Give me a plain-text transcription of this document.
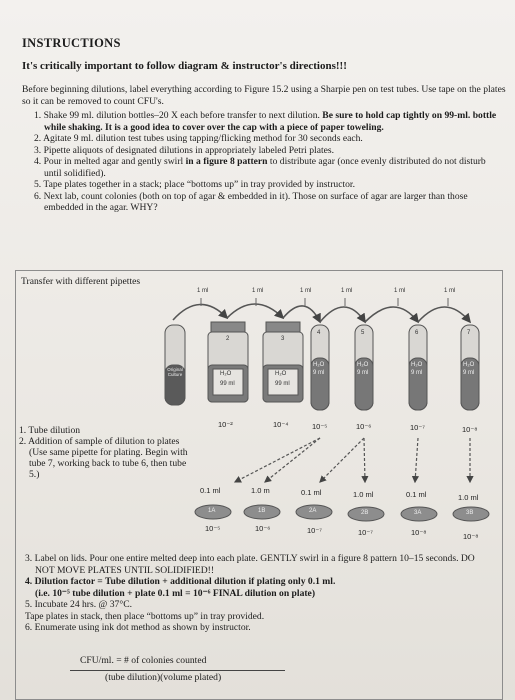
INSTRUCTIONS
It's critically important to follow diagram & instructor's directions!!!
Before beginning dilutions, label everything according to Figure 15.2 using a Sharpie pen on test tubes. Use tape on the plates so it can be removed to count CFU's.
1. Shake 99 ml. dilution bottles–20 X each before transfer to next dilution. Be sure to hold cap tightly on 99-ml. bottle while shaking. It is a good idea to cover over the cap with a piece of paper toweling.
2. Agitate 9 ml. dilution test tubes using tapping/flicking method for 30 seconds each.
3. Pipette aliquots of designated dilutions in appropriately labeled Petri plates.
4. Pour in melted agar and gently swirl in a figure 8 pattern to distribute agar (once evenly distributed do not disturb until solidified).
5. Tape plates together in a stack; place “bottoms up” in tray provided by instructor.
6. Next lab, count colonies (both on top of agar & embedded in it). Those on surface of agar are larger than those embedded in the agar. WHY?
Transfer with different pipettes
1 ml	1 ml	1 ml	1 ml	1 ml	1 ml
Original Culture
2
H₂O
99 ml
3
H₂O
99 ml
4
H₂O
9 ml
5
H₂O
9 ml
6
H₂O
9 ml
7
H₂O
9 ml
10⁻²	10⁻⁴	10⁻⁵	10⁻⁶	10⁻⁷	10⁻⁸
0.1 ml	1.0 m	0.1 ml	1.0 ml	0.1 ml	1.0 ml
1A	1B	2A	2B	3A	3B
10⁻⁵	10⁻⁶	10⁻⁷	10⁻⁷	10⁻⁸	10⁻⁸
1. Tube dilution
2. Addition of sample of dilution to plates (Use same pipette for plating. Begin with tube 7, working back to tube 6, then tube 5.)
3. Label on lids. Pour one entire melted deep into each plate. GENTLY swirl in a figure 8 pattern 10–15 seconds. DO NOT MOVE PLATES UNTIL SOLIDIFIED!!
4. Dilution factor = Tube dilution + additional dilution if plating only 0.1 ml.
(i.e. 10⁻⁵ tube dilution + plate 0.1 ml = 10⁻⁶ FINAL dilution on plate)
5. Incubate 24 hrs. @ 37°C.
Tape plates in stack, then place “bottoms up” in tray provided.
6. Enumerate using ink dot method as shown by instructor.
CFU/ml. = # of colonies counted
(tube dilution)(volume plated)
